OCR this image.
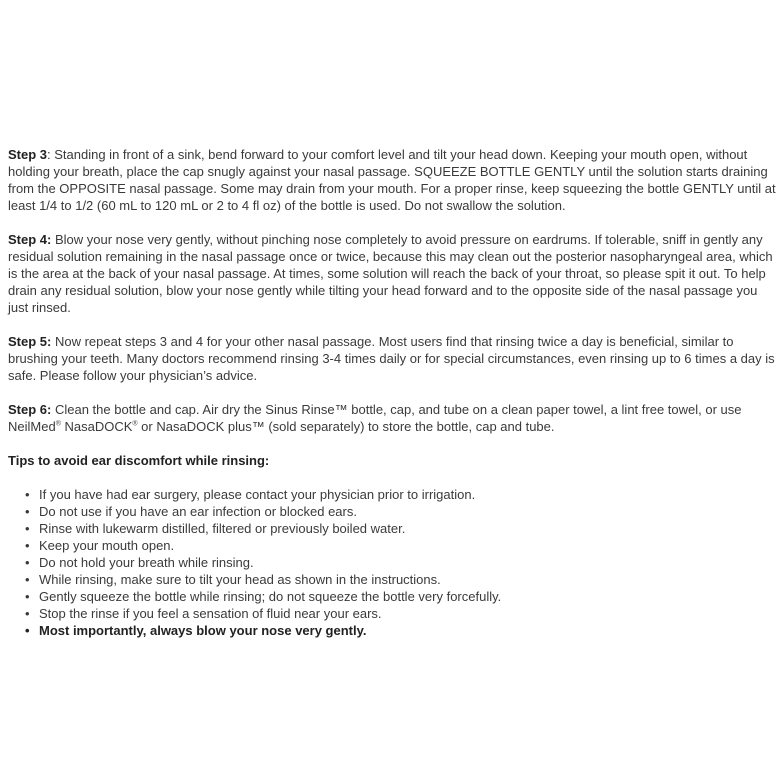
Step 3: Standing in front of a sink, bend forward to your comfort level and tilt your head down. Keeping your mouth open, without holding your breath, place the cap snugly against your nasal passage. SQUEEZE BOTTLE GENTLY until the solution starts draining from the OPPOSITE nasal passage. Some may drain from your mouth. For a proper rinse, keep squeezing the bottle GENTLY until at least 1/4 to 1/2 (60 mL to 120 mL or 2 to 4 fl oz) of the bottle is used. Do not swallow the solution.

Step 4: Blow your nose very gently, without pinching nose completely to avoid pressure on eardrums. If tolerable, sniff in gently any residual solution remaining in the nasal passage once or twice, because this may clean out the posterior nasopharyngeal area, which is the area at the back of your nasal passage. At times, some solution will reach the back of your throat, so please spit it out. To help drain any residual solution, blow your nose gently while tilting your head forward and to the opposite side of the nasal passage you just rinsed.

Step 5: Now repeat steps 3 and 4 for your other nasal passage. Most users find that rinsing twice a day is beneficial, similar to brushing your teeth. Many doctors recommend rinsing 3-4 times daily or for special circumstances, even rinsing up to 6 times a day is safe. Please follow your physician’s advice.

Step 6: Clean the bottle and cap. Air dry the Sinus Rinse™ bottle, cap, and tube on a clean paper towel, a lint free towel, or use NeilMed® NasaDOCK® or NasaDOCK plus™ (sold separately) to store the bottle, cap and tube.

Tips to avoid ear discomfort while rinsing:

• If you have had ear surgery, please contact your physician prior to irrigation.
• Do not use if you have an ear infection or blocked ears.
• Rinse with lukewarm distilled, filtered or previously boiled water.
• Keep your mouth open.
• Do not hold your breath while rinsing.
• While rinsing, make sure to tilt your head as shown in the instructions.
• Gently squeeze the bottle while rinsing; do not squeeze the bottle very forcefully.
• Stop the rinse if you feel a sensation of fluid near your ears.
• Most importantly, always blow your nose very gently.
